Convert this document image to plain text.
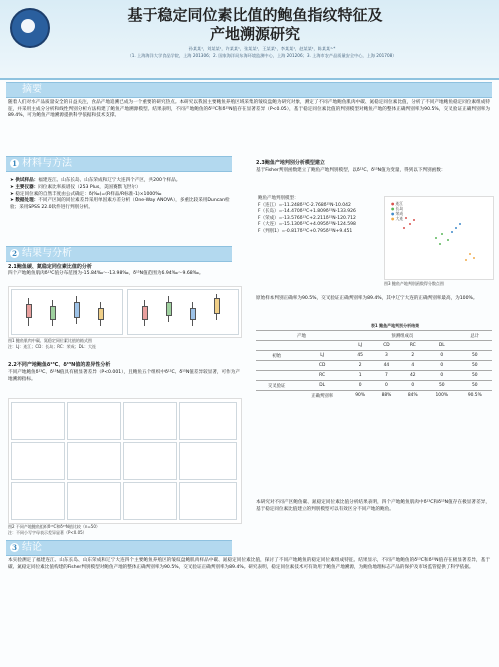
基于稳定同位素比值的鲍鱼指纹特征及
产地溯源研究
孙某某¹，刘某某¹，许某某¹，张某某¹，王某某¹，李某某¹，赵某某²，陈某某¹·*
（1. 上海海洋大学食品学院，上海 201306；2. 国家海洋局东海环境监测中心，上海 201206；3. 上海市农产品质量安全中心，上海 201708）
摘要
随着人们对水产品质量安全的日益关注，食品产地追溯已成为一个重要的研究热点。本研究以我国主要鲍鱼养殖区域采集的皱纹盘鲍为研究对象，测定了不同产地鲍鱼肌肉中碳、氮稳定同位素比值，分析了不同产地鲍鱼稳定同位素组成特征，并采用主成分分析和线性判别分析方法构建了鲍鱼产地溯源模型。结果表明，不同产地鲍鱼的δ¹³C和δ¹⁵N值存在显著差异（P<0.05），基于稳定同位素比值的判别模型对鲍鱼产地的整体正确判别率为90.5%，交叉验证正确判别率为89.4%，可为鲍鱼产地溯源提供科学依据和技术支撑。
1 材料与方法
➤ 供试样品：福建连江、山东长岛、山东荣成和辽宁大连四个产区，共200个样品。
➤ 主要仪器：同位素比率质谱仪（253 Plus，美国赛默飞世尔）
➤ 稳定同位素的自然丰度由公式确定：δ(‰)=(R样品/R标准-1)×1000‰
➤ 数据处理：不同产区间的同位素差异采用单因素方差分析（One-Way ANOVA），多重比较采用Duncan检验；采用SPSS 22.0软件进行判别分析。
2 结果与分析
2.1鲍鱼碳、氮稳定同位素比值的分析
四个产地鲍鱼肌肉δ¹³C值分布范围为-15.84‰～-13.98‰，δ¹⁵N值范围为6.94‰～9.68‰。
图1 鲍鱼肌肉中碳、氮稳定同位素比值的箱式图
注：LJ：连江；CD：长岛；RC：荣成；DL：大连
2.2不同产地鲍鱼δ¹³C、δ¹⁵N值的差异性分析
不同产地鲍鱼δ¹³C、δ¹⁵N值具有极显著差异（P<0.001），且鲍鱼五个组织中δ¹³C、δ¹⁵N值差异较显著，可作为产地溯源指标。
图2 不同产地鲍鱼组织δ¹³C和δ¹⁵N值比较（n=50）
注：不同小写字母表示差异显著（P<0.05）
2.3鲍鱼产地判别分析模型建立
基于Fisher判别函数建立了鲍鱼产地判别模型，以δ¹³C、δ¹⁵N值为变量，得到以下判别函数：
鲍鱼产地判别模型：
F（连江）=-11.248δ¹³C-2.768δ¹⁵N-10.042
F（长岛）=-14.470δ¹³C+1.809δ¹⁵N-133.926
F（荣成）=-13.576δ¹³C+2.211δ¹⁵N-120.712
F（大连）=-15.130δ¹³C+4.095δ¹⁵N-124.598
F（判别1）=-0.817δ¹³C+0.795δ¹⁵N+9.451
● 连江
● 长岛
● 荣成
● 大连
图3 鲍鱼产地判别函数得分散点图
原始样本判别正确率为90.5%，交叉验证正确判别率为89.4%，其中辽宁大连的正确判别率最高，为100%。
表1 鲍鱼产地判别分析结果
产地		预测组成员				总计
		LJ	CD	RC	DL	
初始	LJ	45	3	2	0	50
	CD	2	44	4	0	50
	RC	1	7	42	0	50
交叉验证	DL	0	0	0	50	50
	正确判别率	90%	88%	84%	100%	90.5%
本研究对不同产区鲍鱼碳、氮稳定同位素比值分析结果表明，四个产地鲍鱼肌肉中δ¹³C和δ¹⁵N值存在极显著差异，基于稳定同位素比值建立的判别模型可以有效区分不同产地的鲍鱼。
3 结论
本实验测定了福建连江、山东长岛、山东荣成和辽宁大连四个主要鲍鱼养殖区的皱纹盘鲍肌肉样品中碳、氮稳定同位素比值，探讨了不同产地鲍鱼的稳定同位素组成特征。结果显示，不同产地鲍鱼的δ¹³C和δ¹⁵N值存在极显著差异，基于碳、氮稳定同位素比值构建的Fisher判别模型对鲍鱼产地的整体正确判别率为90.5%，交叉验证正确判别率为89.4%。研究表明，稳定同位素技术可有效用于鲍鱼产地溯源，为鲍鱼地理标志产品的保护及市场监管提供了科学依据。
